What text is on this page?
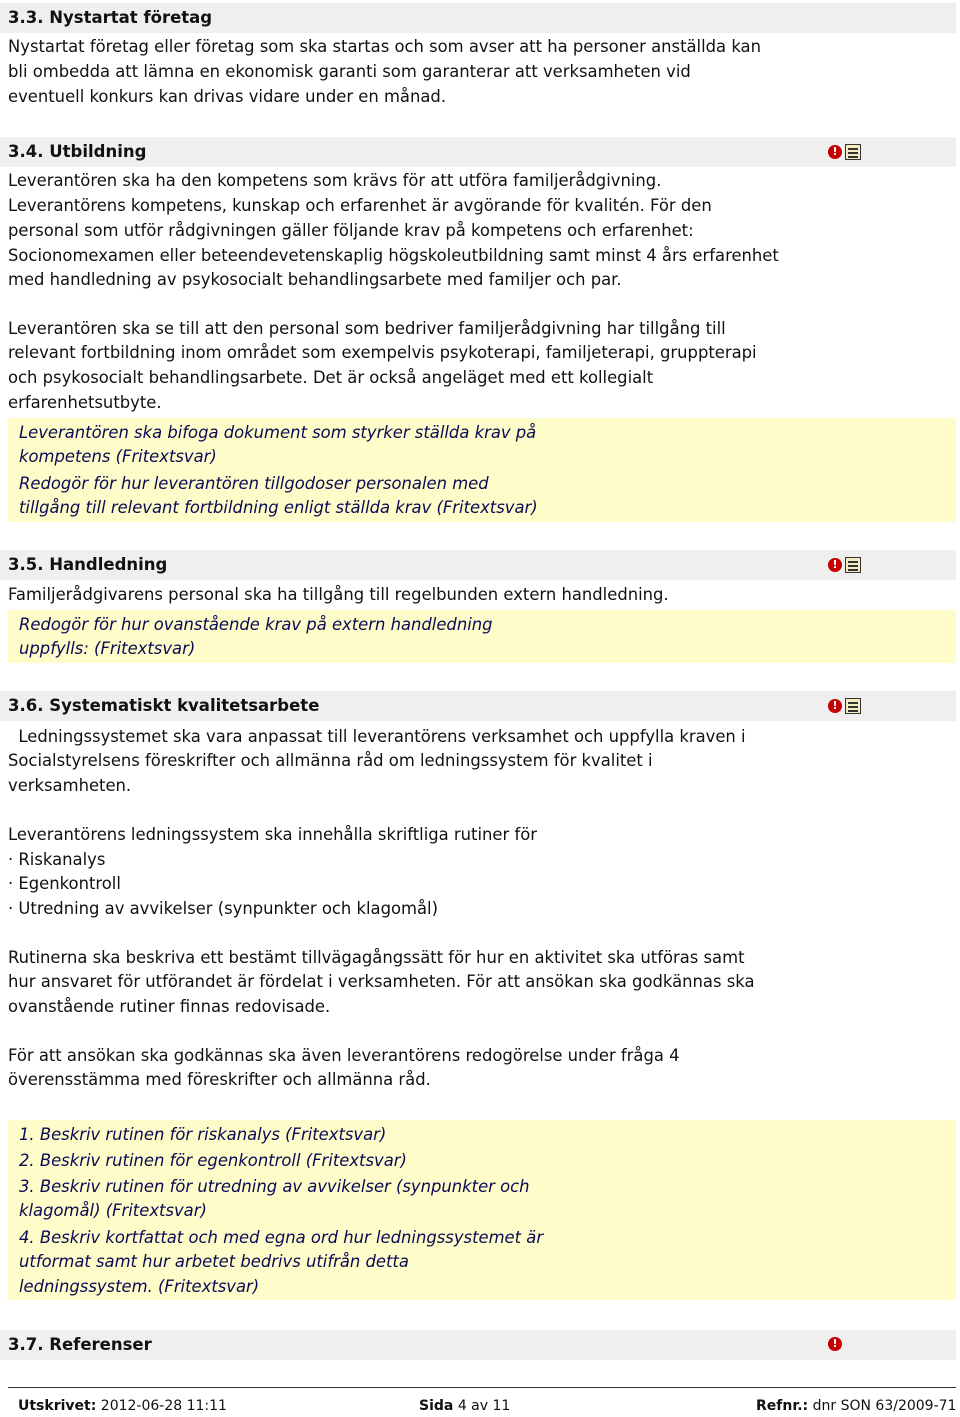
3.3. Nystartat företag
Nystartat företag eller företag som ska startas och som avser att ha personer anställda kan
bli ombedda att lämna en ekonomisk garanti som garanterar att verksamheten vid
eventuell konkurs kan drivas vidare under en månad.
3.4. Utbildning	!
Leverantören ska ha den kompetens som krävs för att utföra familjerådgivning.
Leverantörens kompetens, kunskap och erfarenhet är avgörande för kvalitén. För den
personal som utför rådgivningen gäller följande krav på kompetens och erfarenhet:
Socionomexamen eller beteendevetenskaplig högskoleutbildning samt minst 4 års erfarenhet
med handledning av psykosocialt behandlingsarbete med familjer och par.
Leverantören ska se till att den personal som bedriver familjerådgivning har tillgång till
relevant fortbildning inom området som exempelvis psykoterapi, familjeterapi, gruppterapi
och psykosocialt behandlingsarbete. Det är också angeläget med ett kollegialt
erfarenhetsutbyte.
Leverantören ska bifoga dokument som styrker ställda krav på
kompetens (Fritextsvar)
Redogör för hur leverantören tillgodoser personalen med
tillgång till relevant fortbildning enligt ställda krav (Fritextsvar)
3.5. Handledning	!
Familjerådgivarens personal ska ha tillgång till regelbunden extern handledning.
Redogör för hur ovanstående krav på extern handledning
uppfylls: (Fritextsvar)
3.6. Systematiskt kvalitetsarbete	!
Ledningssystemet ska vara anpassat till leverantörens verksamhet och uppfylla kraven i
Socialstyrelsens föreskrifter och allmänna råd om ledningssystem för kvalitet i
verksamheten.
Leverantörens ledningssystem ska innehålla skriftliga rutiner för
· Riskanalys
· Egenkontroll
· Utredning av avvikelser (synpunkter och klagomål)
Rutinerna ska beskriva ett bestämt tillvägagångssätt för hur en aktivitet ska utföras samt
hur ansvaret för utförandet är fördelat i verksamheten. För att ansökan ska godkännas ska
ovanstående rutiner finnas redovisade.
För att ansökan ska godkännas ska även leverantörens redogörelse under fråga 4
överensstämma med föreskrifter och allmänna råd.
1. Beskriv rutinen för riskanalys (Fritextsvar)
2. Beskriv rutinen för egenkontroll (Fritextsvar)
3. Beskriv rutinen för utredning av avvikelser (synpunkter och
klagomål) (Fritextsvar)
4. Beskriv kortfattat och med egna ord hur ledningssystemet är
utformat samt hur arbetet bedrivs utifrån detta
ledningssystem. (Fritextsvar)
3.7. Referenser	!
Utskrivet: 2012-06-28 11:11	Sida 4 av 11	Refnr.: dnr SON 63/2009-71
